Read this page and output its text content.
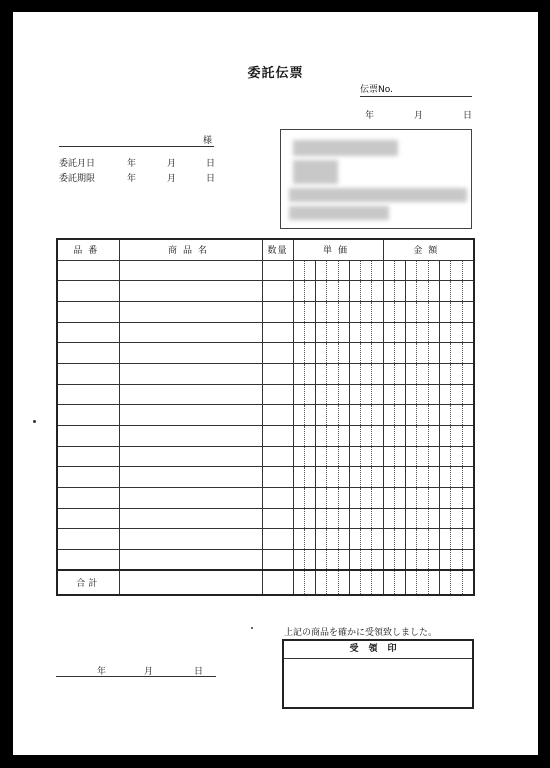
委託伝票
伝票No.
年	月	日
様
委託月日	年	月	日
委託期限	年	月	日
品番	商品名	数量	単価	金額

合計			

上記の商品を確かに受領致しました。
受領印
年	月	日
